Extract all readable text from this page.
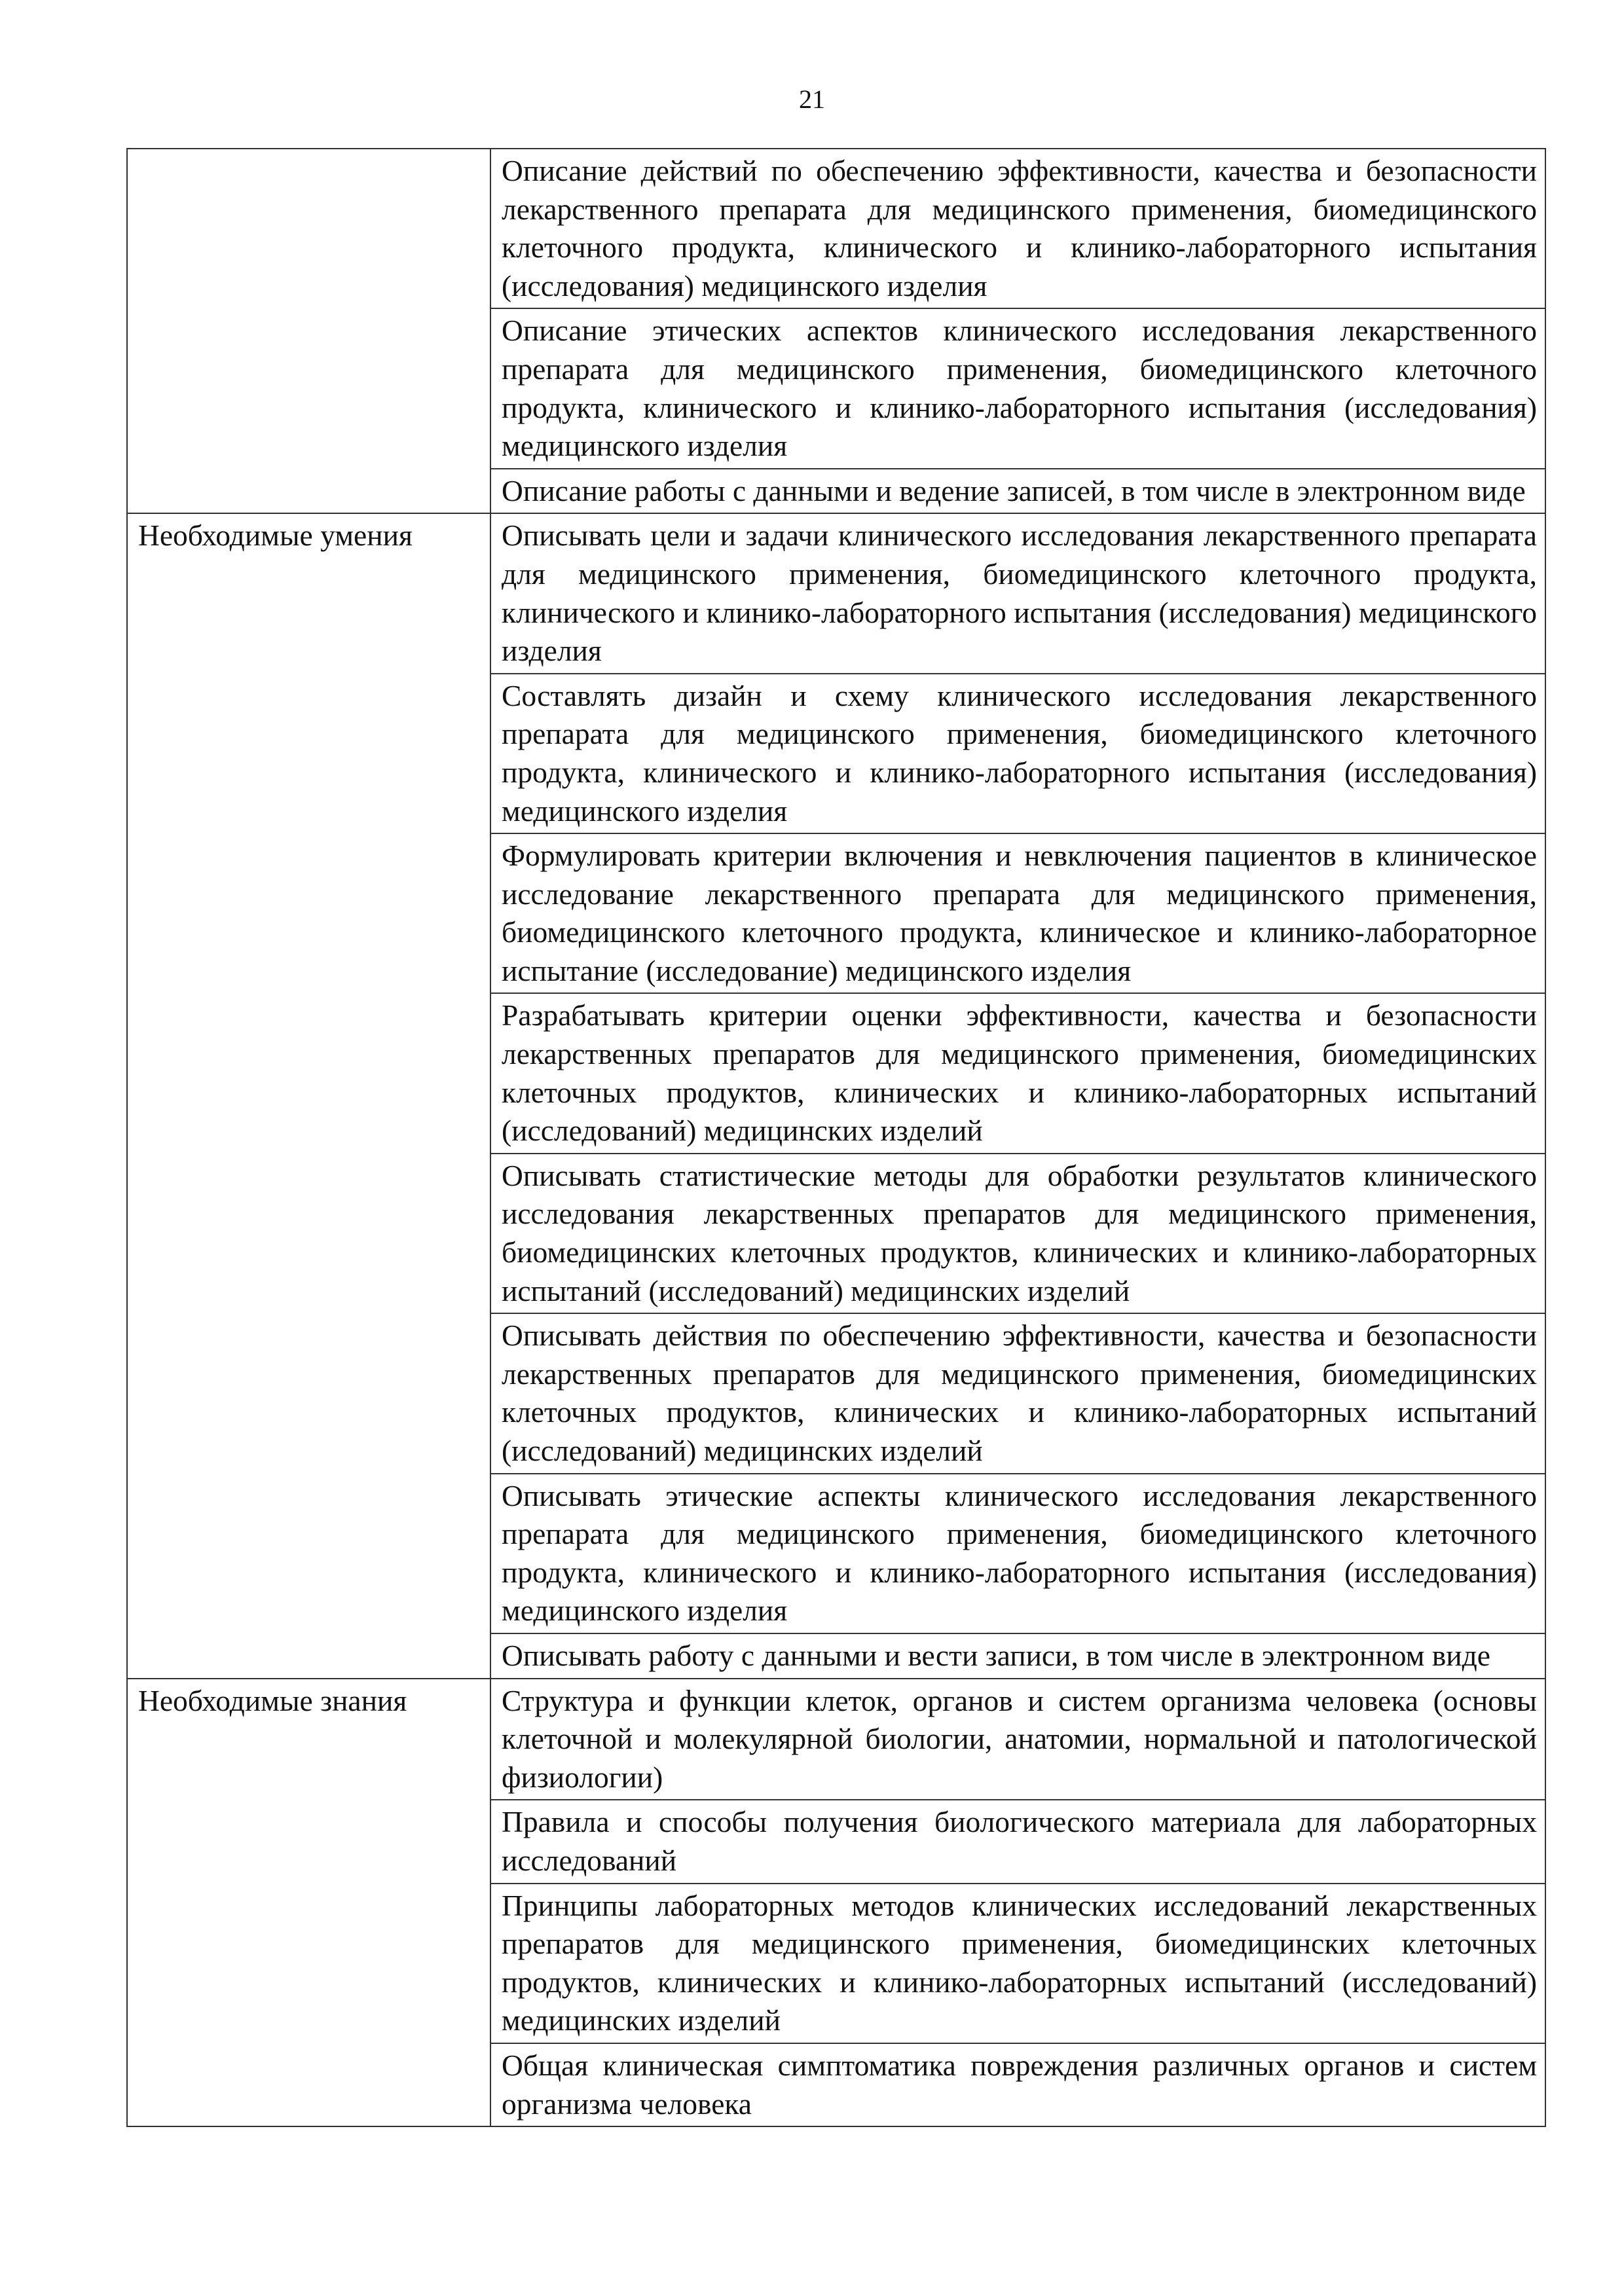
21
	Описание действий по обеспечению эффективности, качества и безопасности лекарственного препарата для медицинского применения, биомедицинского клеточного продукта, клинического и клинико-лабораторного испытания (исследования) медицинского изделия
	Описание этических аспектов клинического исследования лекарственного препарата для медицинского применения, биомедицинского клеточного продукта, клинического и клинико-лабораторного испытания (исследования) медицинского изделия
	Описание работы с данными и ведение записей, в том числе в электронном виде

Необходимые умения	Описывать цели и задачи клинического исследования лекарственного препарата для медицинского применения, биомедицинского клеточного продукта, клинического и клинико-лабораторного испытания (исследования) медицинского изделия
	Составлять дизайн и схему клинического исследования лекарственного препарата для медицинского применения, биомедицинского клеточного продукта, клинического и клинико-лабораторного испытания (исследования) медицинского изделия
	Формулировать критерии включения и невключения пациентов в клиническое исследование лекарственного препарата для медицинского применения, биомедицинского клеточного продукта, клиническое и клинико-лабораторное испытание (исследование) медицинского изделия
	Разрабатывать критерии оценки эффективности, качества и безопасности лекарственных препаратов для медицинского применения, биомедицинских клеточных продуктов, клинических и клинико-лабораторных испытаний (исследований) медицинских изделий
	Описывать статистические методы для обработки результатов клинического исследования лекарственных препаратов для медицинского применения, биомедицинских клеточных продуктов, клинических и клинико-лабораторных испытаний (исследований) медицинских изделий
	Описывать действия по обеспечению эффективности, качества и безопасности лекарственных препаратов для медицинского применения, биомедицинских клеточных продуктов, клинических и клинико-лабораторных испытаний (исследований) медицинских изделий
	Описывать этические аспекты клинического исследования лекарственного препарата для медицинского применения, биомедицинского клеточного продукта, клинического и клинико-лабораторного испытания (исследования) медицинского изделия
	Описывать работу с данными и вести записи, в том числе в электронном виде

Необходимые знания	Структура и функции клеток, органов и систем организма человека (основы клеточной и молекулярной биологии, анатомии, нормальной и патологической физиологии)
	Правила и способы получения биологического материала для лабораторных исследований
	Принципы лабораторных методов клинических исследований лекарственных препаратов для медицинского применения, биомедицинских клеточных продуктов, клинических и клинико-лабораторных испытаний (исследований) медицинских изделий
	Общая клиническая симптоматика повреждения различных органов и систем организма человека
